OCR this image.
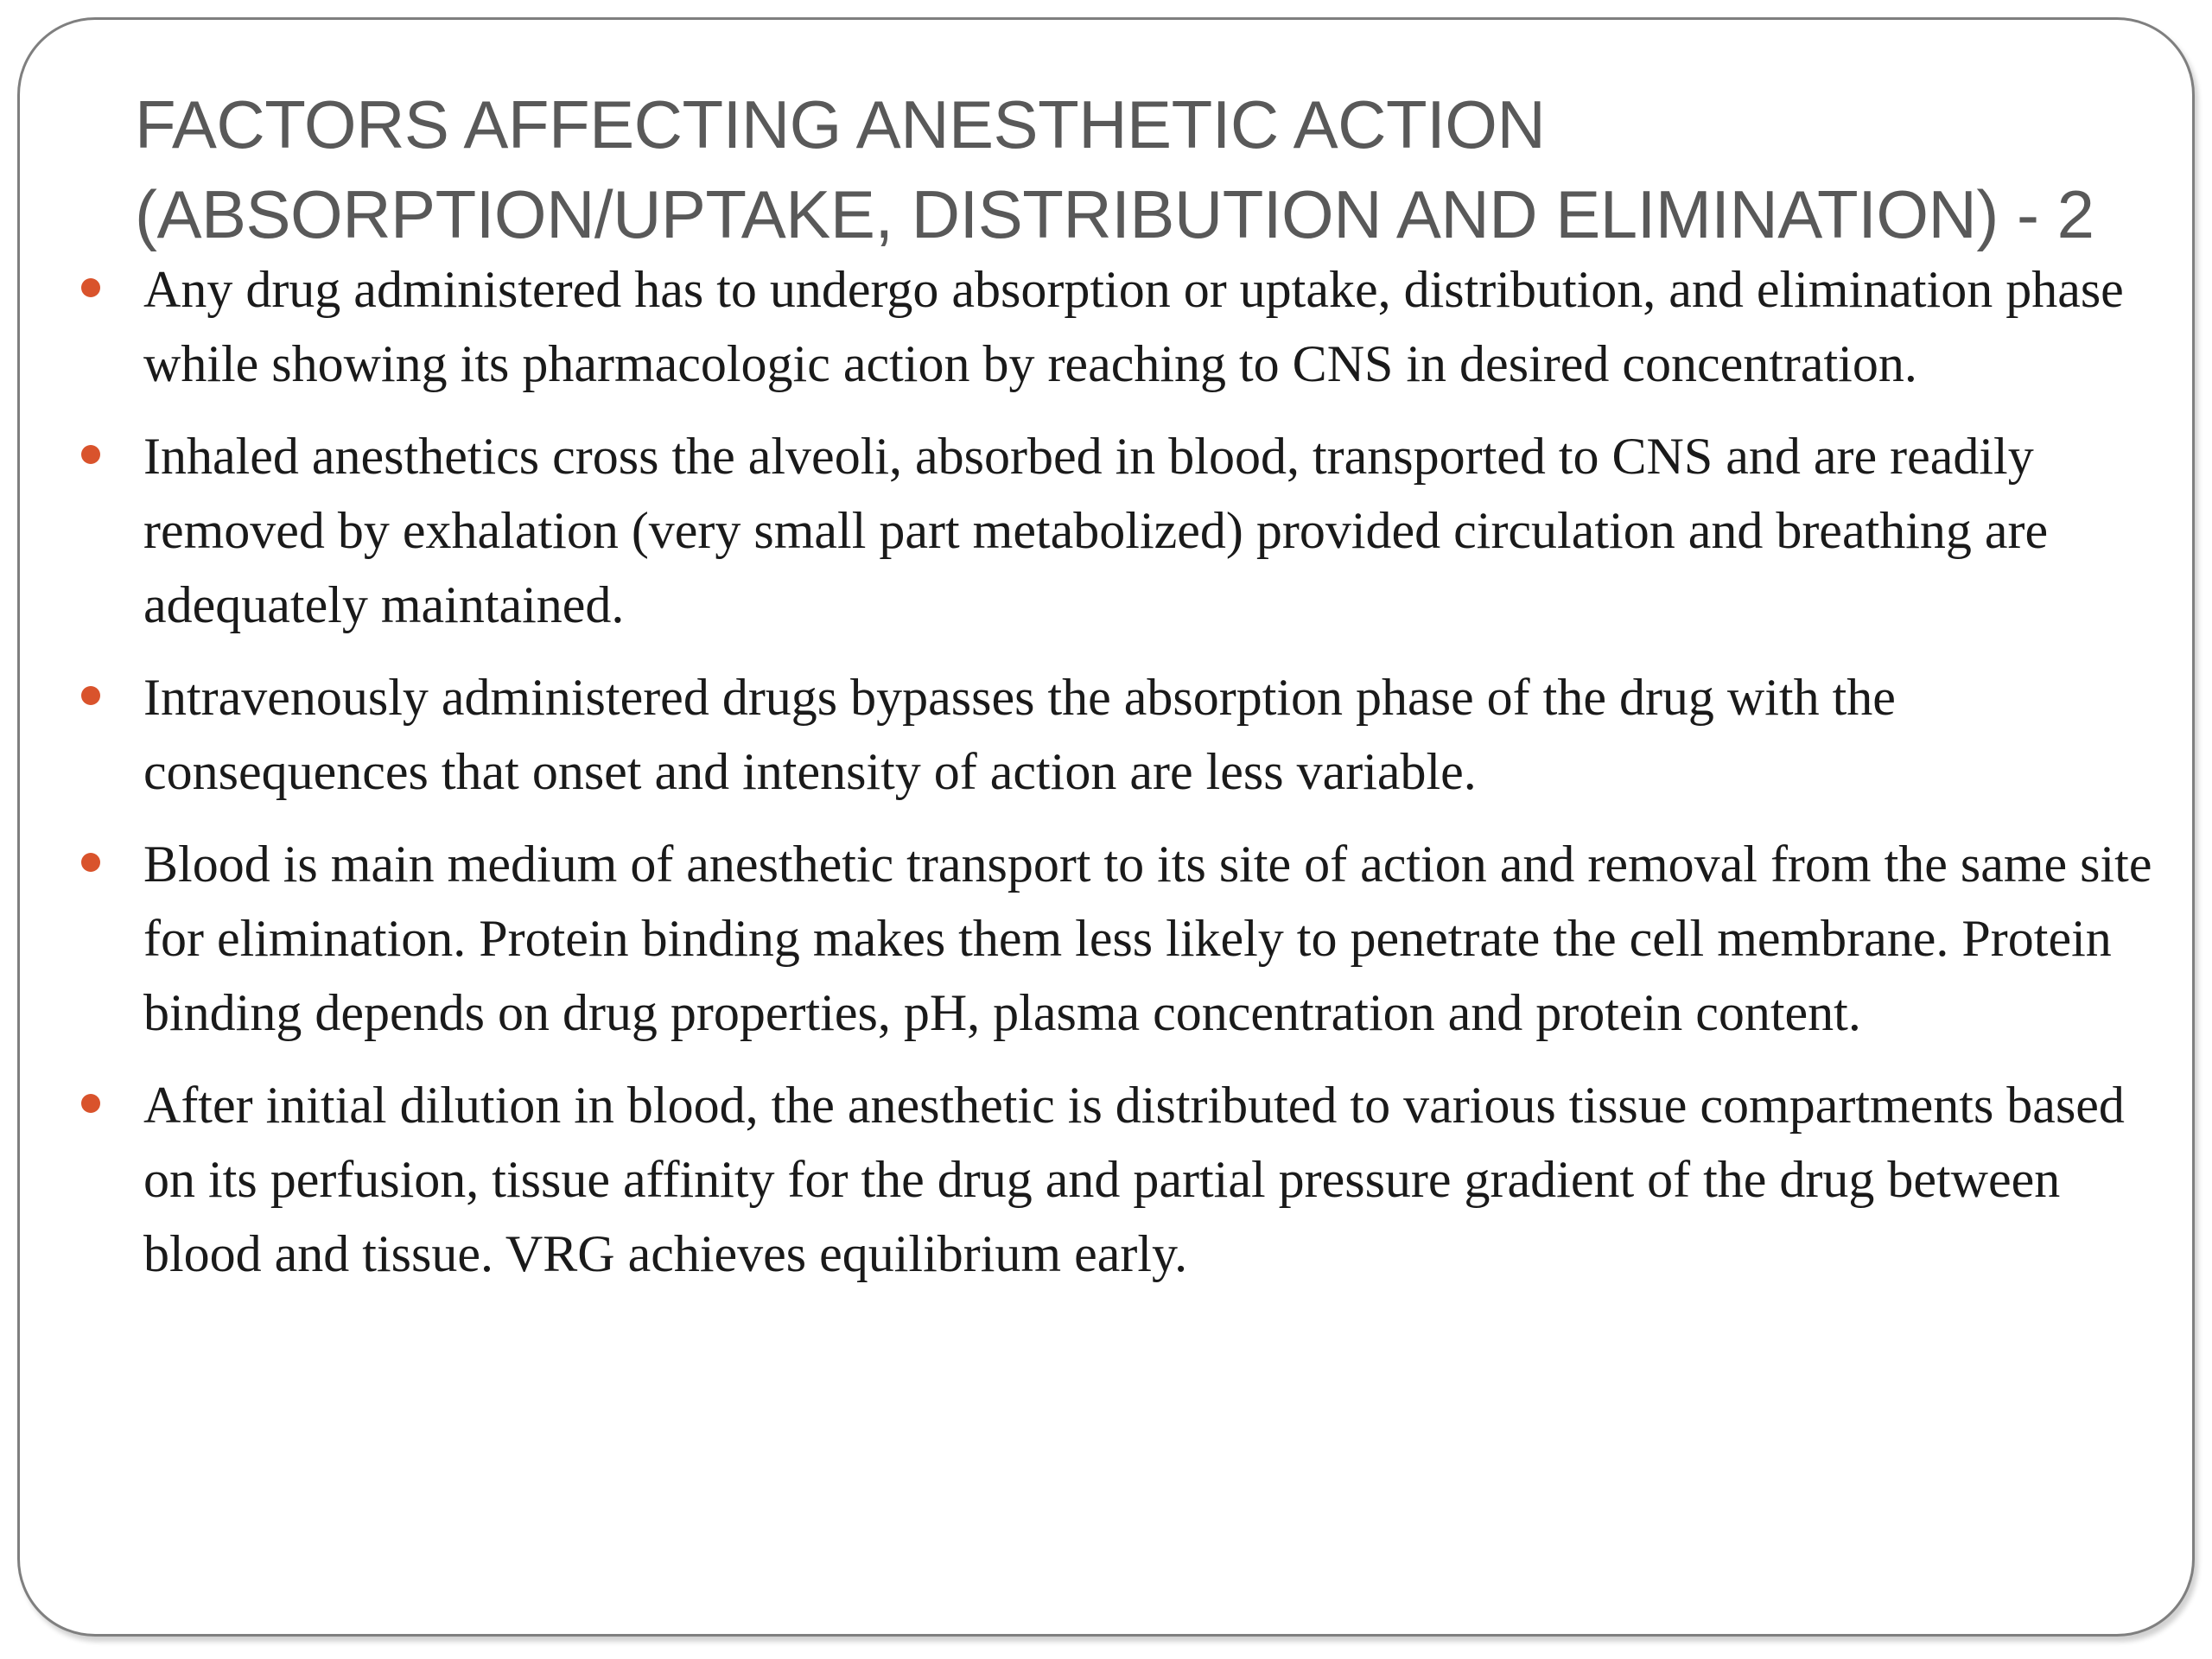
FACTORS AFFECTING ANESTHETIC ACTION
(ABSORPTION/UPTAKE, DISTRIBUTION AND ELIMINATION) - 2
Any drug administered has to undergo absorption or uptake, distribution, and elimination phase while showing its pharmacologic action by reaching to CNS in desired concentration.
Inhaled anesthetics cross the alveoli, absorbed in blood, transported to CNS and are readily removed by exhalation (very small part metabolized) provided circulation and breathing are adequately maintained.
Intravenously administered drugs bypasses the absorption phase of the drug with the consequences that onset and intensity of action are less variable.
Blood is main medium of anesthetic transport to its site of action and removal from the same site for elimination. Protein binding makes them less likely to penetrate the cell membrane. Protein binding depends on drug properties, pH, plasma concentration and protein content.
After initial dilution in blood, the anesthetic is distributed to various tissue compartments based on its perfusion, tissue affinity for the drug and partial pressure gradient of the drug between blood and tissue. VRG achieves equilibrium early.
